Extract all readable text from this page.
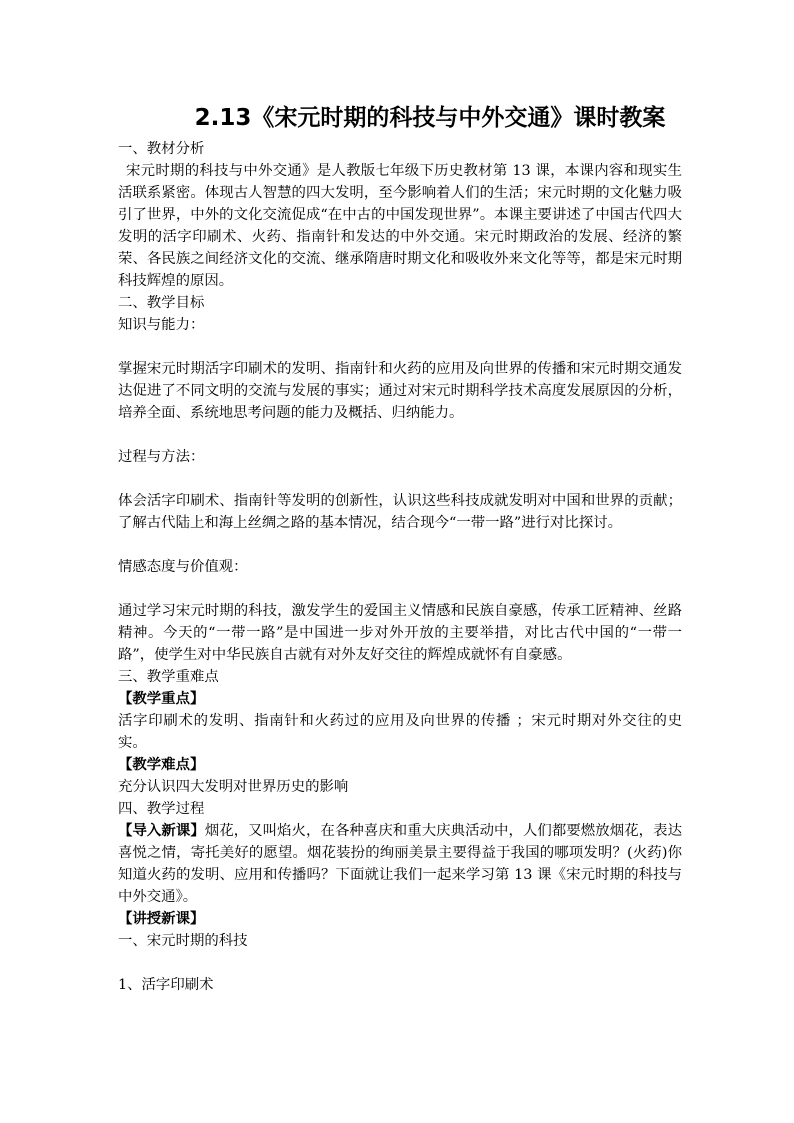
2.13《宋元时期的科技与中外交通》课时教案

一、教材分析

宋元时期的科技与中外交通》是人教版七年级下历史教材第 13 课，本课内容和现实生活联系紧密。体现古人智慧的四大发明，至今影响着人们的生活；宋元时期的文化魅力吸引了世界，中外的文化交流促成“在中古的中国发现世界”。本课主要讲述了中国古代四大发明的活字印刷术、火药、指南针和发达的中外交通。宋元时期政治的发展、经济的繁荣、各民族之间经济文化的交流、继承隋唐时期文化和吸收外来文化等等，都是宋元时期科技辉煌的原因。

二、教学目标

知识与能力：

掌握宋元时期活字印刷术的发明、指南针和火药的应用及向世界的传播和宋元时期交通发达促进了不同文明的交流与发展的事实；通过对宋元时期科学技术高度发展原因的分析，培养全面、系统地思考问题的能力及概括、归纳能力。

过程与方法：

体会活字印刷术、指南针等发明的创新性，认识这些科技成就发明对中国和世界的贡献；了解古代陆上和海上丝绸之路的基本情况，结合现今“一带一路”进行对比探讨。

情感态度与价值观：

通过学习宋元时期的科技，激发学生的爱国主义情感和民族自豪感，传承工匠精神、丝路精神。今天的“一带一路”是中国进一步对外开放的主要举措，对比古代中国的“一带一路”，使学生对中华民族自古就有对外友好交往的辉煌成就怀有自豪感。

三、教学重难点

【教学重点】

活字印刷术的发明、指南针和火药过的应用及向世界的传播 ；宋元时期对外交往的史实。

【教学难点】

充分认识四大发明对世界历史的影响

四、教学过程

【导入新课】烟花，又叫焰火，在各种喜庆和重大庆典活动中，人们都要燃放烟花，表达喜悦之情，寄托美好的愿望。烟花装扮的绚丽美景主要得益于我国的哪项发明？(火药)你知道火药的发明、应用和传播吗？下面就让我们一起来学习第 13 课《宋元时期的科技与中外交通》。

【讲授新课】

一、宋元时期的科技

1、活字印刷术
